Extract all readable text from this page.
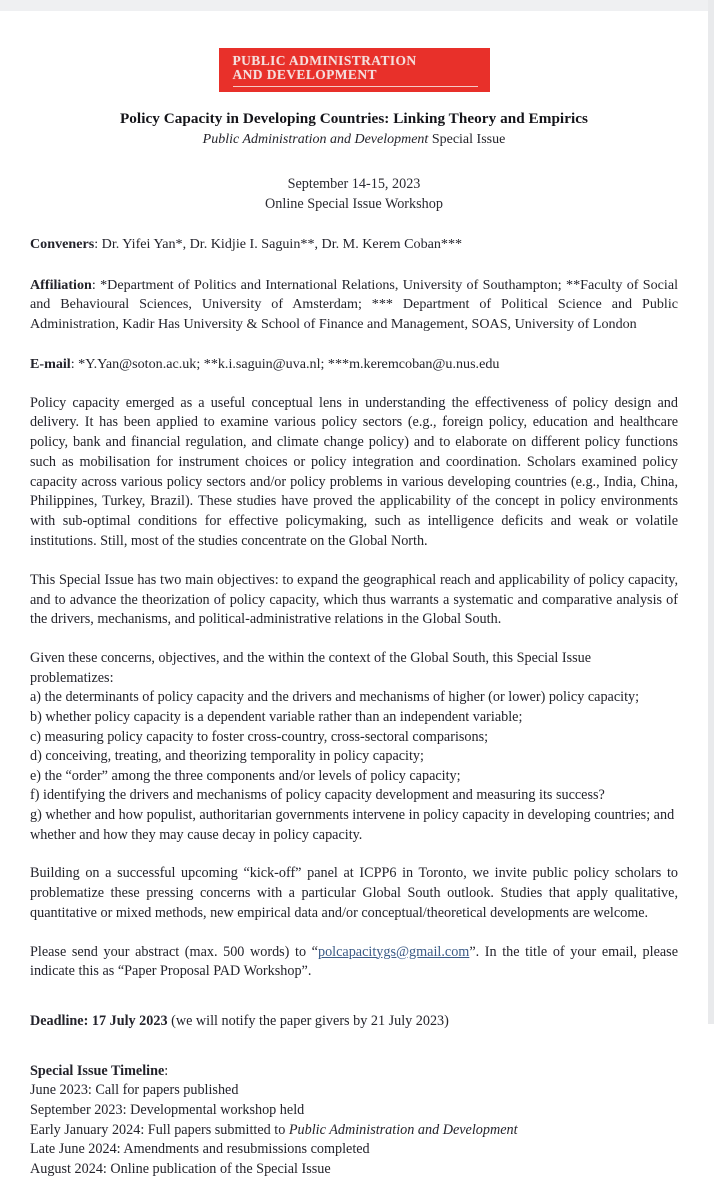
PUBLIC ADMINISTRATION
AND DEVELOPMENT
Policy Capacity in Developing Countries: Linking Theory and Empirics
Public Administration and Development Special Issue
September 14-15, 2023
Online Special Issue Workshop
Conveners: Dr. Yifei Yan*, Dr. Kidjie I. Saguin**, Dr. M. Kerem Coban***
Affiliation: *Department of Politics and International Relations, University of Southampton; **Faculty of Social and Behavioural Sciences, University of Amsterdam; *** Department of Political Science and Public Administration, Kadir Has University & School of Finance and Management, SOAS, University of London
E-mail: *Y.Yan@soton.ac.uk; **k.i.saguin@uva.nl; ***m.keremcoban@u.nus.edu
Policy capacity emerged as a useful conceptual lens in understanding the effectiveness of policy design and delivery. It has been applied to examine various policy sectors (e.g., foreign policy, education and healthcare policy, bank and financial regulation, and climate change policy) and to elaborate on different policy functions such as mobilisation for instrument choices or policy integration and coordination. Scholars examined policy capacity across various policy sectors and/or policy problems in various developing countries (e.g., India, China, Philippines, Turkey, Brazil). These studies have proved the applicability of the concept in policy environments with sub-optimal conditions for effective policymaking, such as intelligence deficits and weak or volatile institutions. Still, most of the studies concentrate on the Global North.
This Special Issue has two main objectives: to expand the geographical reach and applicability of policy capacity, and to advance the theorization of policy capacity, which thus warrants a systematic and comparative analysis of the drivers, mechanisms, and political-administrative relations in the Global South.
Given these concerns, objectives, and the within the context of the Global South, this Special Issue problematizes:
a) the determinants of policy capacity and the drivers and mechanisms of higher (or lower) policy capacity;
b) whether policy capacity is a dependent variable rather than an independent variable;
c) measuring policy capacity to foster cross-country, cross-sectoral comparisons;
d) conceiving, treating, and theorizing temporality in policy capacity;
e) the “order” among the three components and/or levels of policy capacity;
f) identifying the drivers and mechanisms of policy capacity development and measuring its success?
g) whether and how populist, authoritarian governments intervene in policy capacity in developing countries; and whether and how they may cause decay in policy capacity.
Building on a successful upcoming “kick-off” panel at ICPP6 in Toronto, we invite public policy scholars to problematize these pressing concerns with a particular Global South outlook. Studies that apply qualitative, quantitative or mixed methods, new empirical data and/or conceptual/theoretical developments are welcome.
Please send your abstract (max. 500 words) to “polcapacitygs@gmail.com”. In the title of your email, please indicate this as “Paper Proposal PAD Workshop”.
Deadline: 17 July 2023 (we will notify the paper givers by 21 July 2023)
Special Issue Timeline:
June 2023: Call for papers published
September 2023: Developmental workshop held
Early January 2024: Full papers submitted to Public Administration and Development
Late June 2024: Amendments and resubmissions completed
August 2024: Online publication of the Special Issue
